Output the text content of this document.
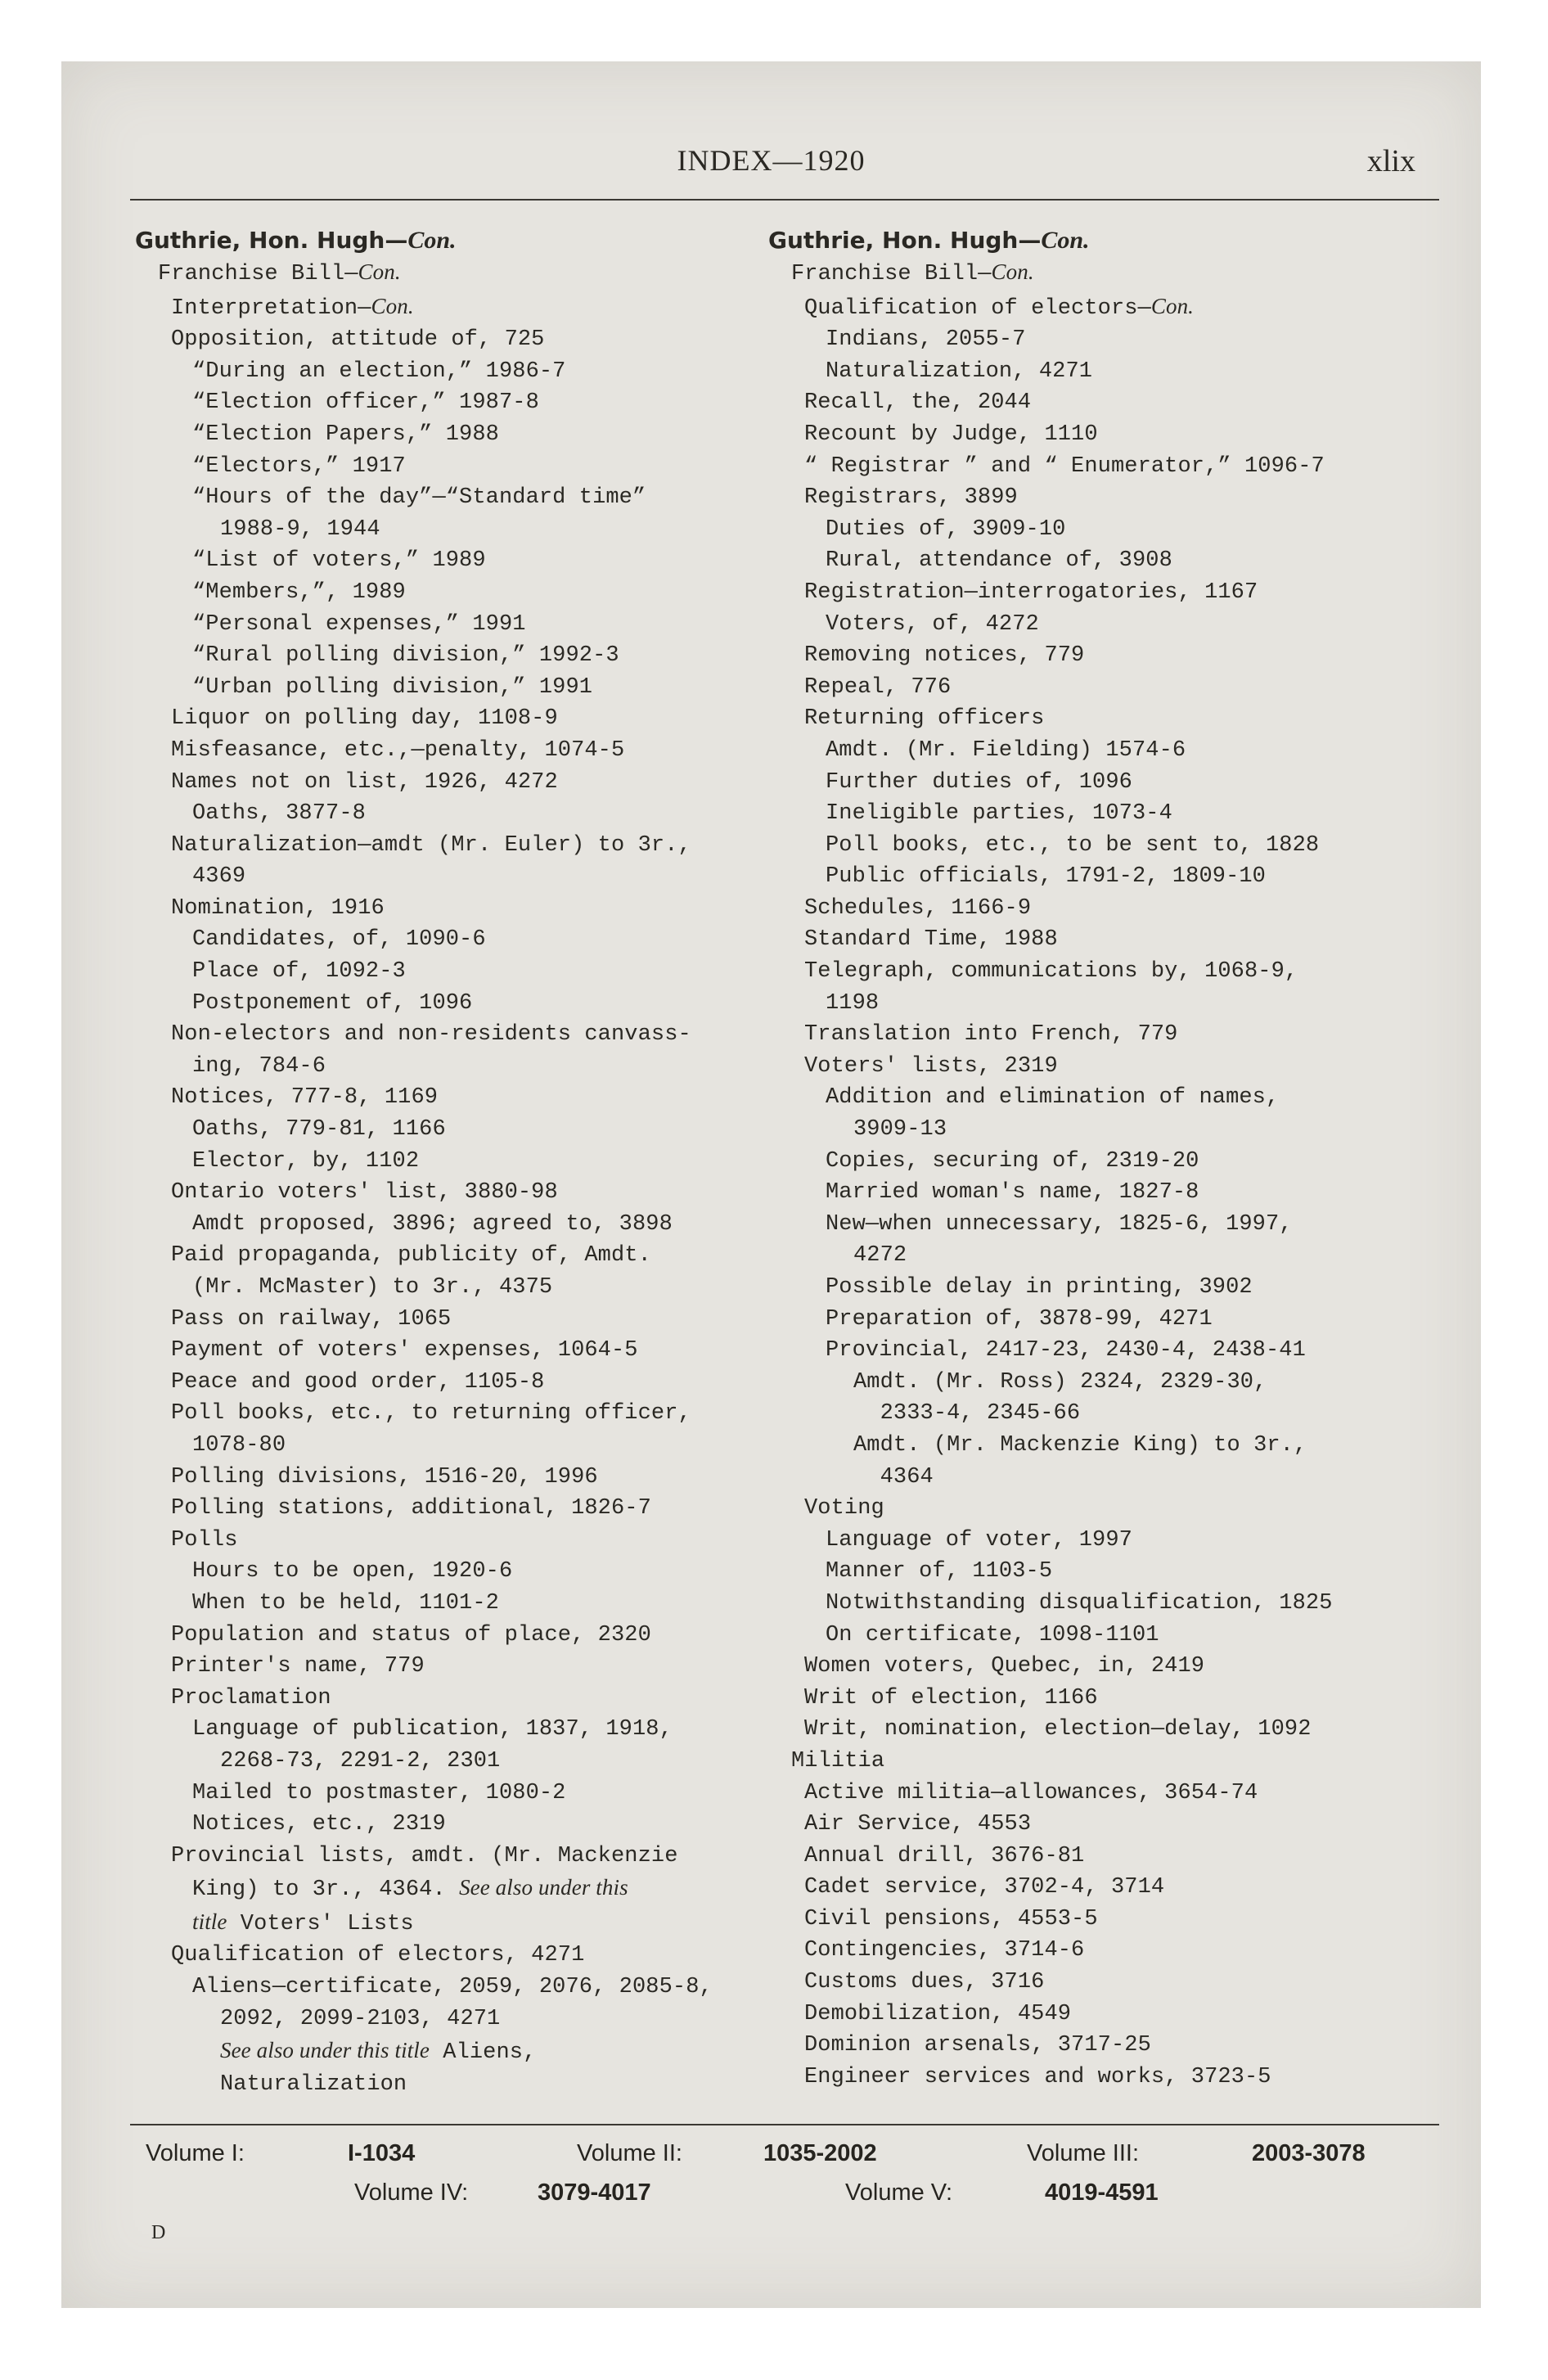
INDEX—1920	xlix
Guthrie, Hon. Hugh—Con.
Franchise Bill—Con.
Interpretation—Con.
Opposition, attitude of, 725
“During an election,” 1986-7
“Election officer,” 1987-8
“Election Papers,” 1988
“Electors,” 1917
“Hours of the day”—“Standard time”
1988-9, 1944
“List of voters,” 1989
“Members,”, 1989
“Personal expenses,” 1991
“Rural polling division,” 1992-3
“Urban polling division,” 1991
Liquor on polling day, 1108-9
Misfeasance, etc.,—penalty, 1074-5
Names not on list, 1926, 4272
Oaths, 3877-8
Naturalization—amdt (Mr. Euler) to 3r.,
4369
Nomination, 1916
Candidates, of, 1090-6
Place of, 1092-3
Postponement of, 1096
Non-electors and non-residents canvass-
ing, 784-6
Notices, 777-8, 1169
Oaths, 779-81, 1166
Elector, by, 1102
Ontario voters' list, 3880-98
Amdt proposed, 3896; agreed to, 3898
Paid propaganda, publicity of, Amdt.
(Mr. McMaster) to 3r., 4375
Pass on railway, 1065
Payment of voters' expenses, 1064-5
Peace and good order, 1105-8
Poll books, etc., to returning officer,
1078-80
Polling divisions, 1516-20, 1996
Polling stations, additional, 1826-7
Polls
Hours to be open, 1920-6
When to be held, 1101-2
Population and status of place, 2320
Printer's name, 779
Proclamation
Language of publication, 1837, 1918,
2268-73, 2291-2, 2301
Mailed to postmaster, 1080-2
Notices, etc., 2319
Provincial lists, amdt. (Mr. Mackenzie
King) to 3r., 4364. See also under this
title Voters' Lists
Qualification of electors, 4271
Aliens—certificate, 2059, 2076, 2085-8,
2092, 2099-2103, 4271
See also under this title Aliens,
Naturalization
Guthrie, Hon. Hugh—Con.
Franchise Bill—Con.
Qualification of electors—Con.
Indians, 2055-7
Naturalization, 4271
Recall, the, 2044
Recount by Judge, 1110
“ Registrar ” and “ Enumerator,” 1096-7
Registrars, 3899
Duties of, 3909-10
Rural, attendance of, 3908
Registration—interrogatories, 1167
Voters, of, 4272
Removing notices, 779
Repeal, 776
Returning officers
Amdt. (Mr. Fielding) 1574-6
Further duties of, 1096
Ineligible parties, 1073-4
Poll books, etc., to be sent to, 1828
Public officials, 1791-2, 1809-10
Schedules, 1166-9
Standard Time, 1988
Telegraph, communications by, 1068-9,
1198
Translation into French, 779
Voters' lists, 2319
Addition and elimination of names,
3909-13
Copies, securing of, 2319-20
Married woman's name, 1827-8
New—when unnecessary, 1825-6, 1997,
4272
Possible delay in printing, 3902
Preparation of, 3878-99, 4271
Provincial, 2417-23, 2430-4, 2438-41
Amdt. (Mr. Ross) 2324, 2329-30,
2333-4, 2345-66
Amdt. (Mr. Mackenzie King) to 3r.,
4364
Voting
Language of voter, 1997
Manner of, 1103-5
Notwithstanding disqualification, 1825
On certificate, 1098-1101
Women voters, Quebec, in, 2419
Writ of election, 1166
Writ, nomination, election—delay, 1092
Militia
Active militia—allowances, 3654-74
Air Service, 4553
Annual drill, 3676-81
Cadet service, 3702-4, 3714
Civil pensions, 4553-5
Contingencies, 3714-6
Customs dues, 3716
Demobilization, 4549
Dominion arsenals, 3717-25
Engineer services and works, 3723-5
Volume I:	I-1034	Volume II:	1035-2002	Volume III:	2003-3078
Volume IV:	3079-4017	Volume V:	4019-4591
D
